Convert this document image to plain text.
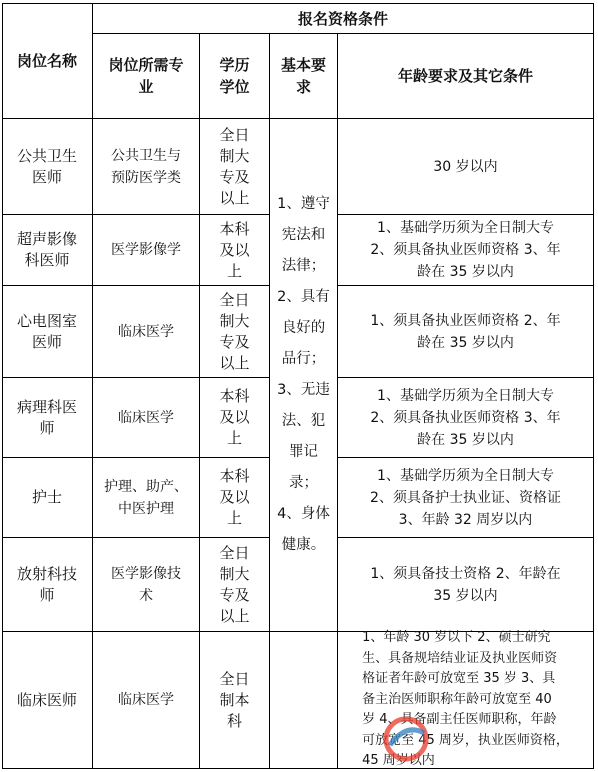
岗位名称
报名资格条件
岗位所需专
业
学历
学位
基本要
求
年龄要求及其它条件
1、遵守
宪法和
法律；
2、具有
良好的
品行；
3、无违
法、犯
罪记
录；
4、身体
健康。
公共卫生
医师
公共卫生与
预防医学类
全日
制大
专及
以上
30 岁以内
超声影像
科医师
医学影像学
本科
及以
上
1、基础学历须为全日制大专
2、须具备执业医师资格 3、年
龄在 35 岁以内
心电图室
医师
临床医学
全日
制大
专及
以上
1、须具备执业医师资格 2、年
龄在 35 岁以内
病理科医
师
临床医学
本科
及以
上
1、基础学历须为全日制大专
2、须具备执业医师资格 3、年
龄在 35 岁以内
护士
护理、助产、
中医护理
本科
及以
上
1、基础学历须为全日制大专
2、须具备护士执业证、资格证
3、年龄 32 周岁以内
放射科技
师
医学影像技
术
全日
制大
专及
以上
1、须具备技士资格 2、年龄在
35 岁以内
临床医师	临床医学
全日
制本
科
1、年龄 30 岁以下 2、硕士研究
生、具备规培结业证及执业医师资
格证者年龄可放宽至 35 岁 3、具
备主治医师职称年龄可放宽至 40
岁 4、具备副主任医师职称，年龄
可放宽至 45 周岁，执业医师资格，
45 周岁以内
